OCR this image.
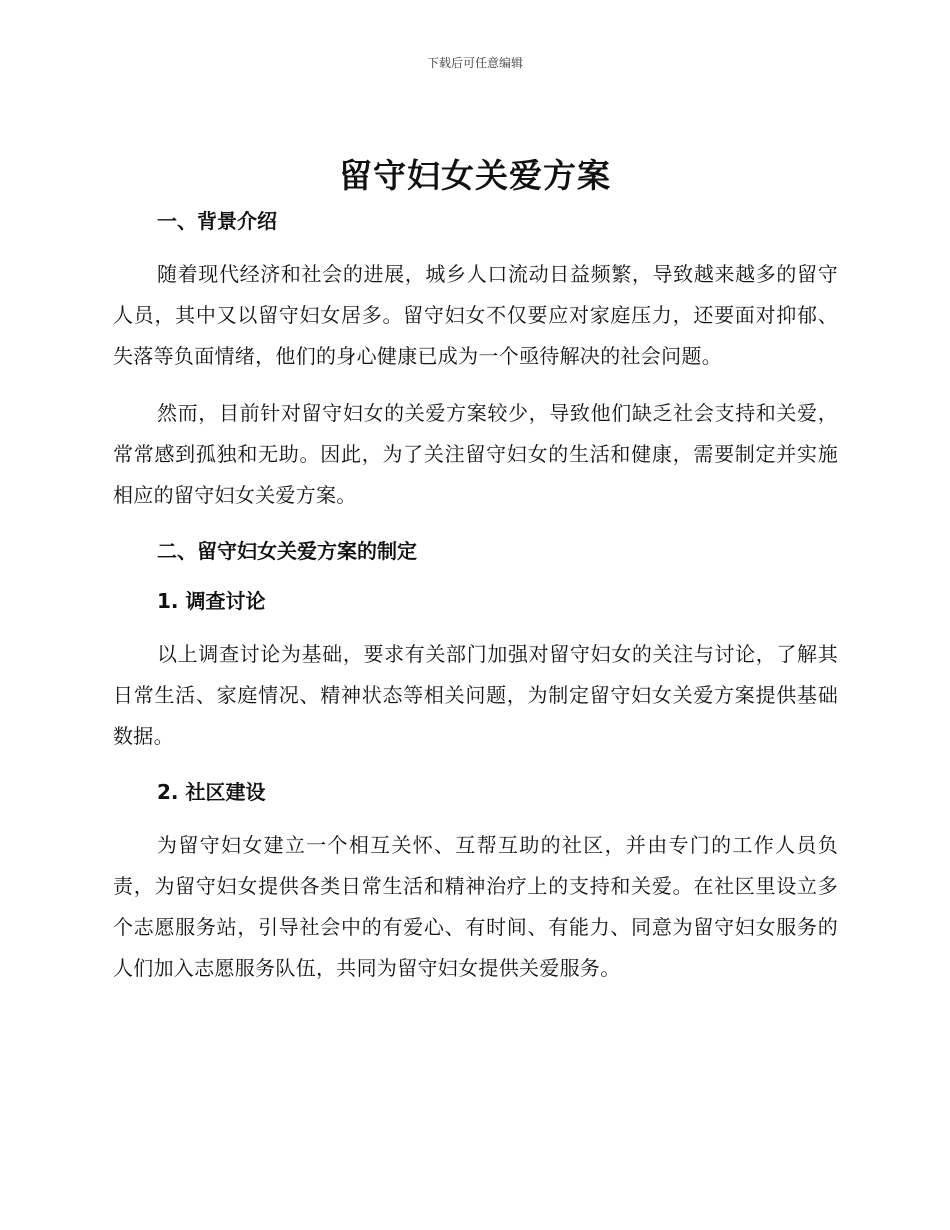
下载后可任意编辑
留守妇女关爱方案
一、背景介绍

随着现代经济和社会的进展，城乡人口流动日益频繁，导致越来越多的留守人员，其中又以留守妇女居多。留守妇女不仅要应对家庭压力，还要面对抑郁、失落等负面情绪，他们的身心健康已成为一个亟待解决的社会问题。

然而，目前针对留守妇女的关爱方案较少，导致他们缺乏社会支持和关爱，常常感到孤独和无助。因此，为了关注留守妇女的生活和健康，需要制定并实施相应的留守妇女关爱方案。

二、留守妇女关爱方案的制定
1. 调查讨论

以上调查讨论为基础，要求有关部门加强对留守妇女的关注与讨论，了解其日常生活、家庭情况、精神状态等相关问题，为制定留守妇女关爱方案提供基础数据。

2. 社区建设

为留守妇女建立一个相互关怀、互帮互助的社区，并由专门的工作人员负责，为留守妇女提供各类日常生活和精神治疗上的支持和关爱。在社区里设立多个志愿服务站，引导社会中的有爱心、有时间、有能力、同意为留守妇女服务的人们加入志愿服务队伍，共同为留守妇女提供关爱服务。
